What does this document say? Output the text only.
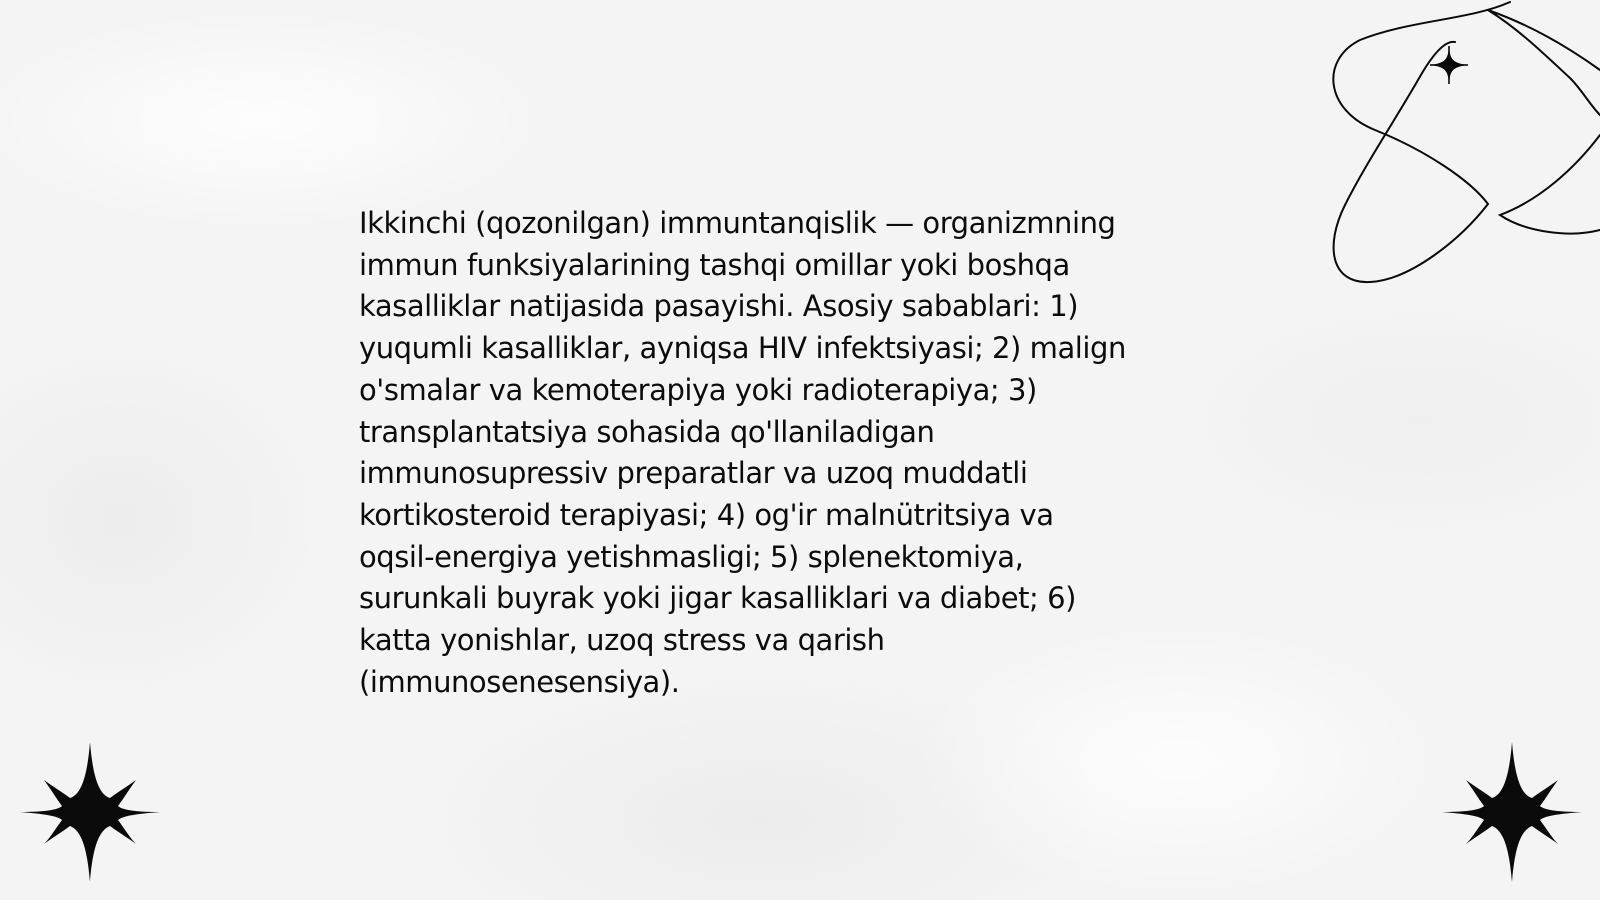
Ikkinchi (qozonilgan) immuntanqislik — organizmning
immun funksiyalarining tashqi omillar yoki boshqa
kasalliklar natijasida pasayishi. Asosiy sabablari: 1)
yuqumli kasalliklar, ayniqsa HIV infektsiyasi; 2) malign
o'smalar va kemoterapiya yoki radioterapiya; 3)
transplantatsiya sohasida qo'llaniladigan
immunosupressiv preparatlar va uzoq muddatli
kortikosteroid terapiyasi; 4) og'ir malnütritsiya va
oqsil-energiya yetishmasligi; 5) splenektomiya,
surunkali buyrak yoki jigar kasalliklari va diabet; 6)
katta yonishlar, uzoq stress va qarish
(immunosenesensiya).
